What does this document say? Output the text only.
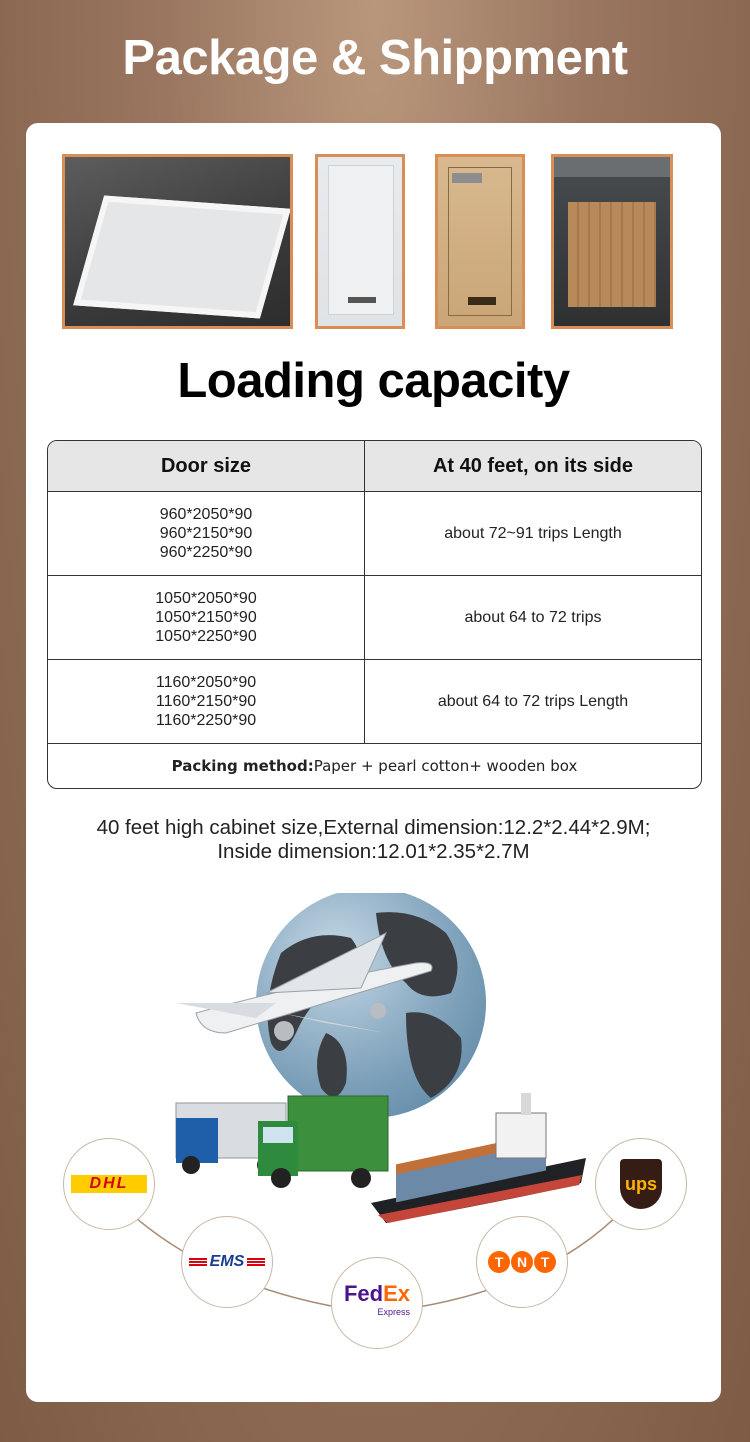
Package & Shippment
Loading capacity
Door size	At 40 feet, on its side
960*2050*90
960*2150*90
960*2250*90
about 72~91 trips Length
1050*2050*90
1050*2150*90
1050*2250*90
about 64 to 72 trips
1160*2050*90
1160*2150*90
1160*2250*90
about 64 to 72 trips Length
Packing method: Paper + pearl cotton+ wooden box
40 feet high cabinet size,External dimension:12.2*2.44*2.9M;
Inside dimension:12.01*2.35*2.7M
DHL
EMS
FedEx
Express
T N T
ups
